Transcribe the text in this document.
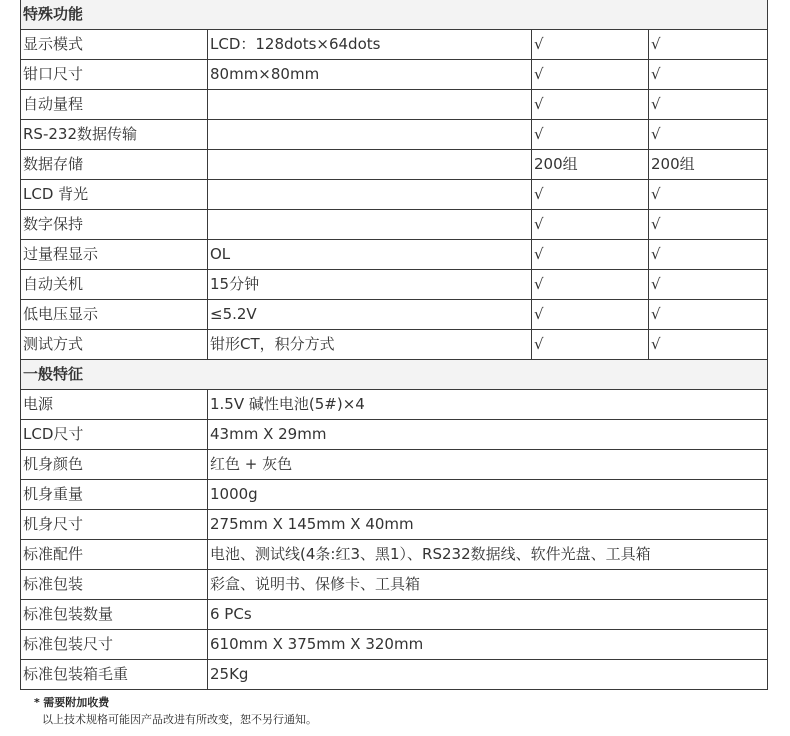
特殊功能			
显示模式	LCD：128dots×64dots	√	√
钳口尺寸	80mm×80mm	√	√
自动量程		√	√
RS-232数据传输		√	√
数据存储		200组	200组
LCD 背光		√	√
数字保持		√	√
过量程显示	OL	√	√
自动关机	15分钟	√	√
低电压显示	≤5.2V	√	√
测试方式	钳形CT，积分方式	√	√
一般特征			
电源	1.5V 碱性电池(5#)×4		
LCD尺寸	43mm X 29mm		
机身颜色	红色 + 灰色		
机身重量	1000g		
机身尺寸	275mm X 145mm X 40mm		
标准配件	电池、测试线(4条:红3、黑1）、RS232数据线、软件光盘、工具箱		
标准包装	彩盒、说明书、保修卡、工具箱		
标准包装数量	6 PCs		
标准包装尺寸	610mm X 375mm X 320mm		
标准包装箱毛重	25Kg		
* 需要附加收费
以上技术规格可能因产品改进有所改变，恕不另行通知。
